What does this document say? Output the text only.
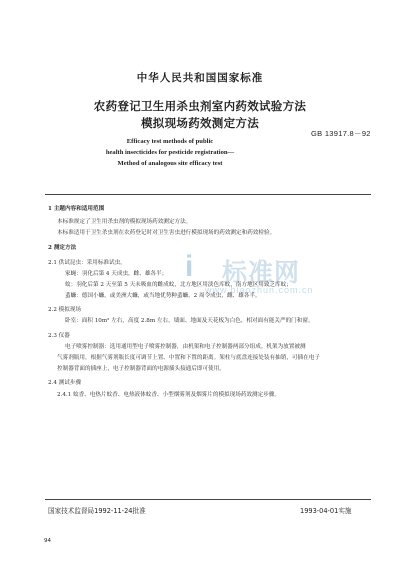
中华人民共和国国家标准
农药登记卫生用杀虫剂室内药效试验方法
模拟现场药效测定方法
GB 13917.8－92
Efficacy test methods of public
health insecticides for pesticide registration—
Method of analogous site efficacy test
i 标准网
www.biaozhun.com.cn
1 主题内容和适用范围
本标准规定了卫生用杀虫剂的模拟现场药效测定方法。
本标准适用于卫生杀虫剂在农药登记时对卫生害虫进行模拟现场的药效测定和药效检验。
2 测定方法
2.1 供试昆虫：采用标准试虫。
家蝇：羽化后第 4 天成虫，雌、雄各半；
蚊：羽化后第 2 天至第 5 天未吸血的雌成蚊，北方地区用淡色库蚊，南方地区用致乏库蚊；
蜚蠊：德国小蠊，或美洲大蠊，或当地优势种蜚蠊，2 周令成虫，雌、雄各半。
2.2 模拟现场
卧室：面积 10m² 左右，高度 2.8m 左右，墙面、地面及天花板为白色，相对面有能关严的门和窗。
2.3 仪器
电子喷雾控制器：选用通用型电子喷雾控制器，由机架和电子控制器两部分组成。机架为放置被测
气雾剂瓶用，根据气雾剂瓶长度可调节上置、中置和下置的距离。架柱与底盘连接处装有抽销，可插在电子
控制器背面的插座上，电子控制器背面的电源插头接通后即可使用。
2.4 测试步骤
2.4.1 蚊香、电热片蚊香、电热液体蚊香、小型烟雾剂及烟雾片的模拟现场药效测定步骤。
国家技术监督局1992-11-24批准	1993-04-01实施
94
